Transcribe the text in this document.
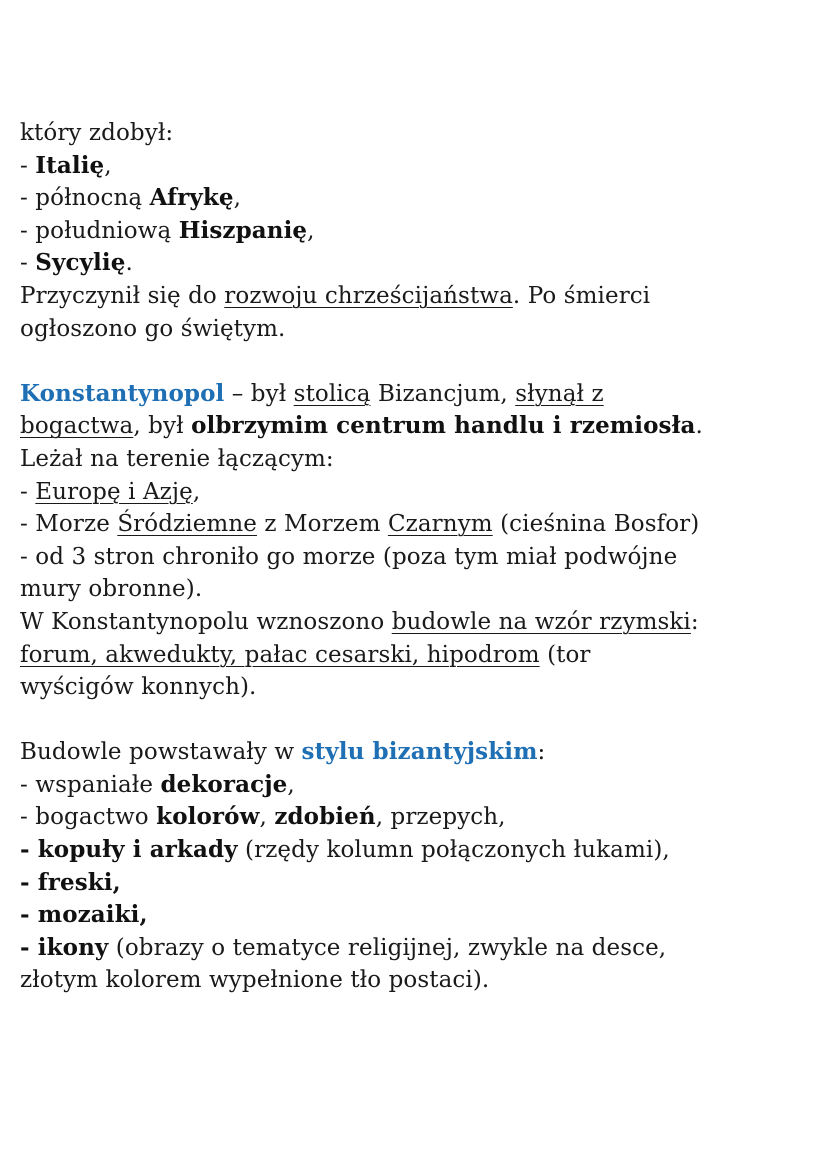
który zdobył:
- Italię,
- północną Afrykę,
- południową Hiszpanię,
- Sycylię.
Przyczynił się do rozwoju chrześcijaństwa. Po śmierci
ogłoszono go świętym.
Konstantynopol – był stolicą Bizancjum, słynął z
bogactwa, był olbrzymim centrum handlu i rzemiosła.
Leżał na terenie łączącym:
- Europę i Azję,
- Morze Śródziemne z Morzem Czarnym (cieśnina Bosfor)
- od 3 stron chroniło go morze (poza tym miał podwójne
mury obronne).
W Konstantynopolu wznoszono budowle na wzór rzymski:
forum, akwedukty, pałac cesarski, hipodrom (tor
wyścigów konnych).
Budowle powstawały w stylu bizantyjskim:
- wspaniałe dekoracje,
- bogactwo kolorów, zdobień, przepych,
- kopuły i arkady (rzędy kolumn połączonych łukami),
- freski,
- mozaiki,
- ikony (obrazy o tematyce religijnej, zwykle na desce,
złotym kolorem wypełnione tło postaci).
